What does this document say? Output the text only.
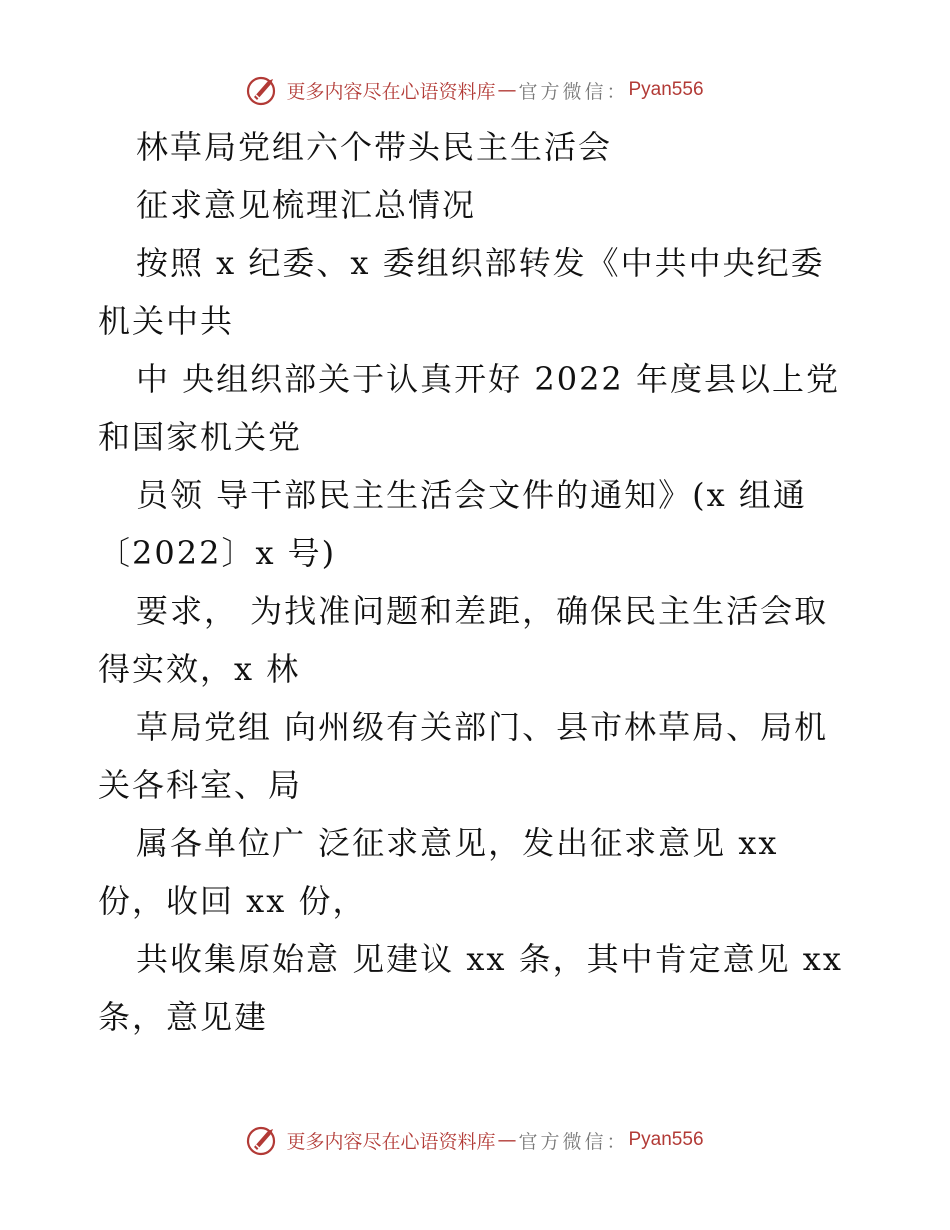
更多内容尽在心语资料库 — 官方微信： Pyan556
林草局党组六个带头民主生活会
征求意见梳理汇总情况
按照 x 纪委、x 委组织部转发《中共中央纪委
机关中共
中 央组织部关于认真开好 2022 年度县以上党
和国家机关党
员领 导干部民主生活会文件的通知》(x 组通
〔2022〕x 号)
要求， 为找准问题和差距，确保民主生活会取
得实效，x 林
草局党组 向州级有关部门、县市林草局、局机
关各科室、局
属各单位广 泛征求意见，发出征求意见 xx
份，收回 xx 份，
共收集原始意 见建议 xx 条，其中肯定意见 xx
条，意见建
更多内容尽在心语资料库 — 官方微信： Pyan556
